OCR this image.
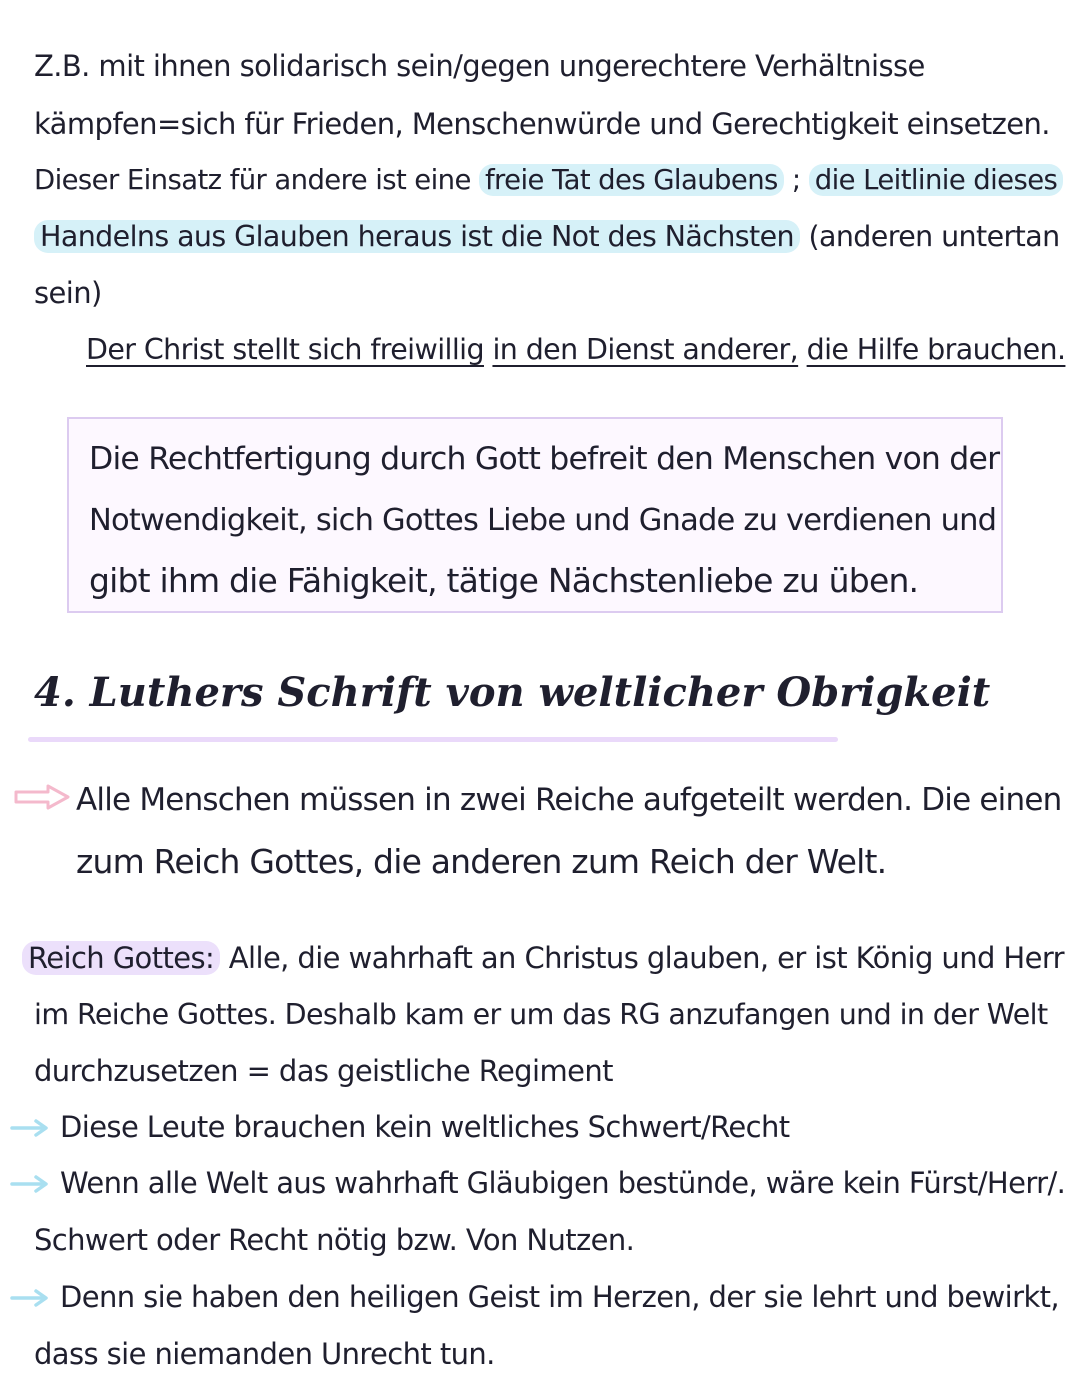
Z.B. mit ihnen solidarisch sein/gegen ungerechtere Verhältnisse
kämpfen=sich für Frieden, Menschenwürde und Gerechtigkeit einsetzen.
Dieser Einsatz für andere ist eine freie Tat des Glaubens ; die Leitlinie dieses
Handelns aus Glauben heraus ist die Not des Nächsten (anderen untertan
sein)
Der Christ stellt sich freiwillig in den Dienst anderer, die Hilfe brauchen.
Die Rechtfertigung durch Gott befreit den Menschen von der
Notwendigkeit, sich Gottes Liebe und Gnade zu verdienen und
gibt ihm die Fähigkeit, tätige Nächstenliebe zu üben.
4. Luthers Schrift von weltlicher Obrigkeit
Alle Menschen müssen in zwei Reiche aufgeteilt werden. Die einen
zum Reich Gottes, die anderen zum Reich der Welt.
Reich Gottes: Alle, die wahrhaft an Christus glauben, er ist König und Herr
im Reiche Gottes. Deshalb kam er um das RG anzufangen und in der Welt
durchzusetzen = das geistliche Regiment
Diese Leute brauchen kein weltliches Schwert/Recht
Wenn alle Welt aus wahrhaft Gläubigen bestünde, wäre kein Fürst/Herr/.
Schwert oder Recht nötig bzw. Von Nutzen.
Denn sie haben den heiligen Geist im Herzen, der sie lehrt und bewirkt,
dass sie niemanden Unrecht tun.
